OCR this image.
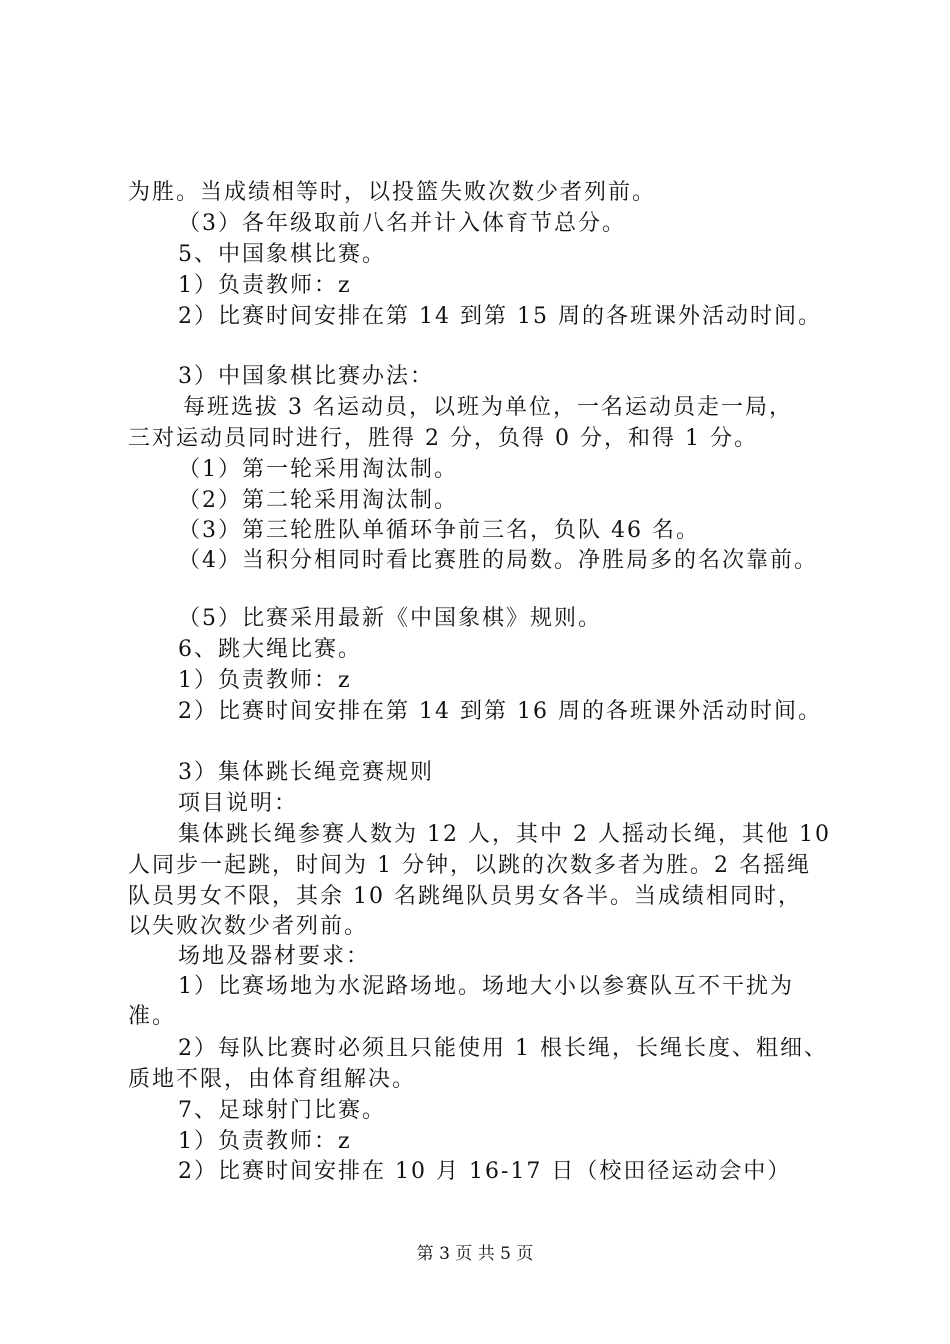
为胜。当成绩相等时，以投篮失败次数少者列前。
（3）各年级取前八名并计入体育节总分。
5、中国象棋比赛。
1）负责教师：z
2）比赛时间安排在第 14 到第 15 周的各班课外活动时间。
3）中国象棋比赛办法：
每班选拔 3 名运动员，以班为单位，一名运动员走一局，
三对运动员同时进行，胜得 2 分，负得 0 分，和得 1 分。
（1）第一轮采用淘汰制。
（2）第二轮采用淘汰制。
（3）第三轮胜队单循环争前三名，负队 46 名。
（4）当积分相同时看比赛胜的局数。净胜局多的名次靠前。
（5）比赛采用最新《中国象棋》规则。
6、跳大绳比赛。
1）负责教师：z
2）比赛时间安排在第 14 到第 16 周的各班课外活动时间。
3）集体跳长绳竞赛规则
项目说明：
集体跳长绳参赛人数为 12 人，其中 2 人摇动长绳，其他 10
人同步一起跳，时间为 1 分钟，以跳的次数多者为胜。2 名摇绳
队员男女不限，其余 10 名跳绳队员男女各半。当成绩相同时，
以失败次数少者列前。
场地及器材要求：
1）比赛场地为水泥路场地。场地大小以参赛队互不干扰为
准。
2）每队比赛时必须且只能使用 1 根长绳，长绳长度、粗细、
质地不限，由体育组解决。
7、足球射门比赛。
1）负责教师：z
2）比赛时间安排在 10 月 16-17 日（校田径运动会中）
第 3 页 共 5 页
